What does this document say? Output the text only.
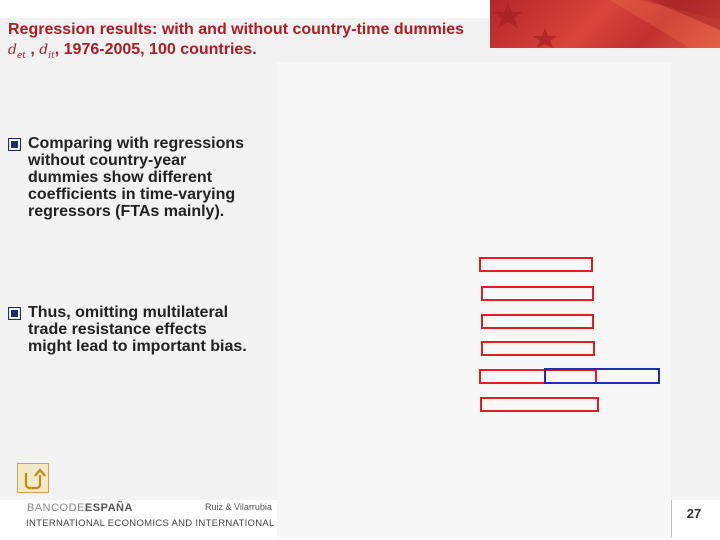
Regression results: with and without country-time dummies $d_{et}$ , $d_{it}$, 1976-2005, 100 countries.
Comparing with regressions without country-year dummies show different coefficients in time-varying regressors (FTAs mainly).
Thus, omitting multilateral trade resistance effects might lead to important bias.
BANCODEESPAÑA	Ruiz & Vilarrubia
INTERNATIONAL ECONOMICS AND INTERNATIONAL
27
